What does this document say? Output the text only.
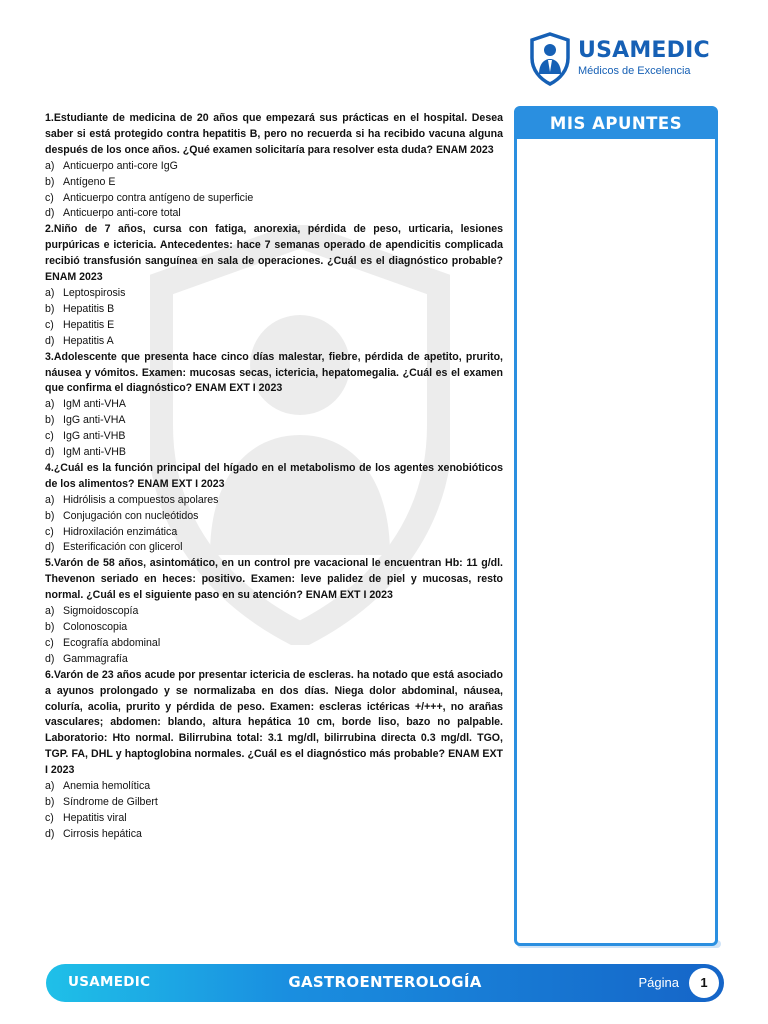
USAMEDIC
Médicos de Excelencia

1.Estudiante de medicina de 20 años que empezará sus prácticas en el hospital. Desea saber si está protegido contra hepatitis B, pero no recuerda si ha recibido vacuna alguna después de los once años. ¿Qué examen solicitaría para resolver esta duda? ENAM 2023

a) Anticuerpo anti-core IgG
b) Antígeno E
c) Anticuerpo contra antígeno de superficie
d) Anticuerpo anti-core total

2.Niño de 7 años, cursa con fatiga, anorexia, pérdida de peso, urticaria, lesiones purpúricas e ictericia. Antecedentes: hace 7 semanas operado de apendicitis complicada recibió transfusión sanguínea en sala de operaciones. ¿Cuál es el diagnóstico probable? ENAM 2023

a) Leptospirosis
b) Hepatitis B
c) Hepatitis E
d) Hepatitis A

3.Adolescente que presenta hace cinco días malestar, fiebre, pérdida de apetito, prurito, náusea y vómitos. Examen: mucosas secas, ictericia, hepatomegalia. ¿Cuál es el examen que confirma el diagnóstico? ENAM EXT I 2023

a) IgM anti-VHA
b) IgG anti-VHA
c) IgG anti-VHB
d) IgM anti-VHB

4.¿Cuál es la función principal del hígado en el metabolismo de los agentes xenobióticos de los alimentos? ENAM EXT I 2023

a) Hidrólisis a compuestos apolares
b) Conjugación con nucleótidos
c) Hidroxilación enzimática
d) Esterificación con glicerol

5.Varón de 58 años, asintomático, en un control pre vacacional le encuentran Hb: 11 g/dl. Thevenon seriado en heces: positivo. Examen: leve palidez de piel y mucosas, resto normal. ¿Cuál es el siguiente paso en su atención? ENAM EXT I 2023

a) Sigmoidoscopía
b) Colonoscopia
c) Ecografía abdominal
d) Gammagrafía

6.Varón de 23 años acude por presentar ictericia de escleras. ha notado que está asociado a ayunos prolongado y se normalizaba en dos días. Niega dolor abdominal, náusea, coluría, acolia, prurito y pérdida de peso. Examen: escleras ictéricas +/+++, no arañas vasculares; abdomen: blando, altura hepática 10 cm, borde liso, bazo no palpable. Laboratorio: Hto normal. Bilirrubina total: 3.1 mg/dl, bilirrubina directa 0.3 mg/dl. TGO, TGP. FA, DHL y haptoglobina normales. ¿Cuál es el diagnóstico más probable? ENAM EXT I 2023

a) Anemia hemolítica
b) Síndrome de Gilbert
c) Hepatitis viral
d) Cirrosis hepática
MIS APUNTES
USAMEDIC	GASTROENTEROLOGÍA	Página	1
